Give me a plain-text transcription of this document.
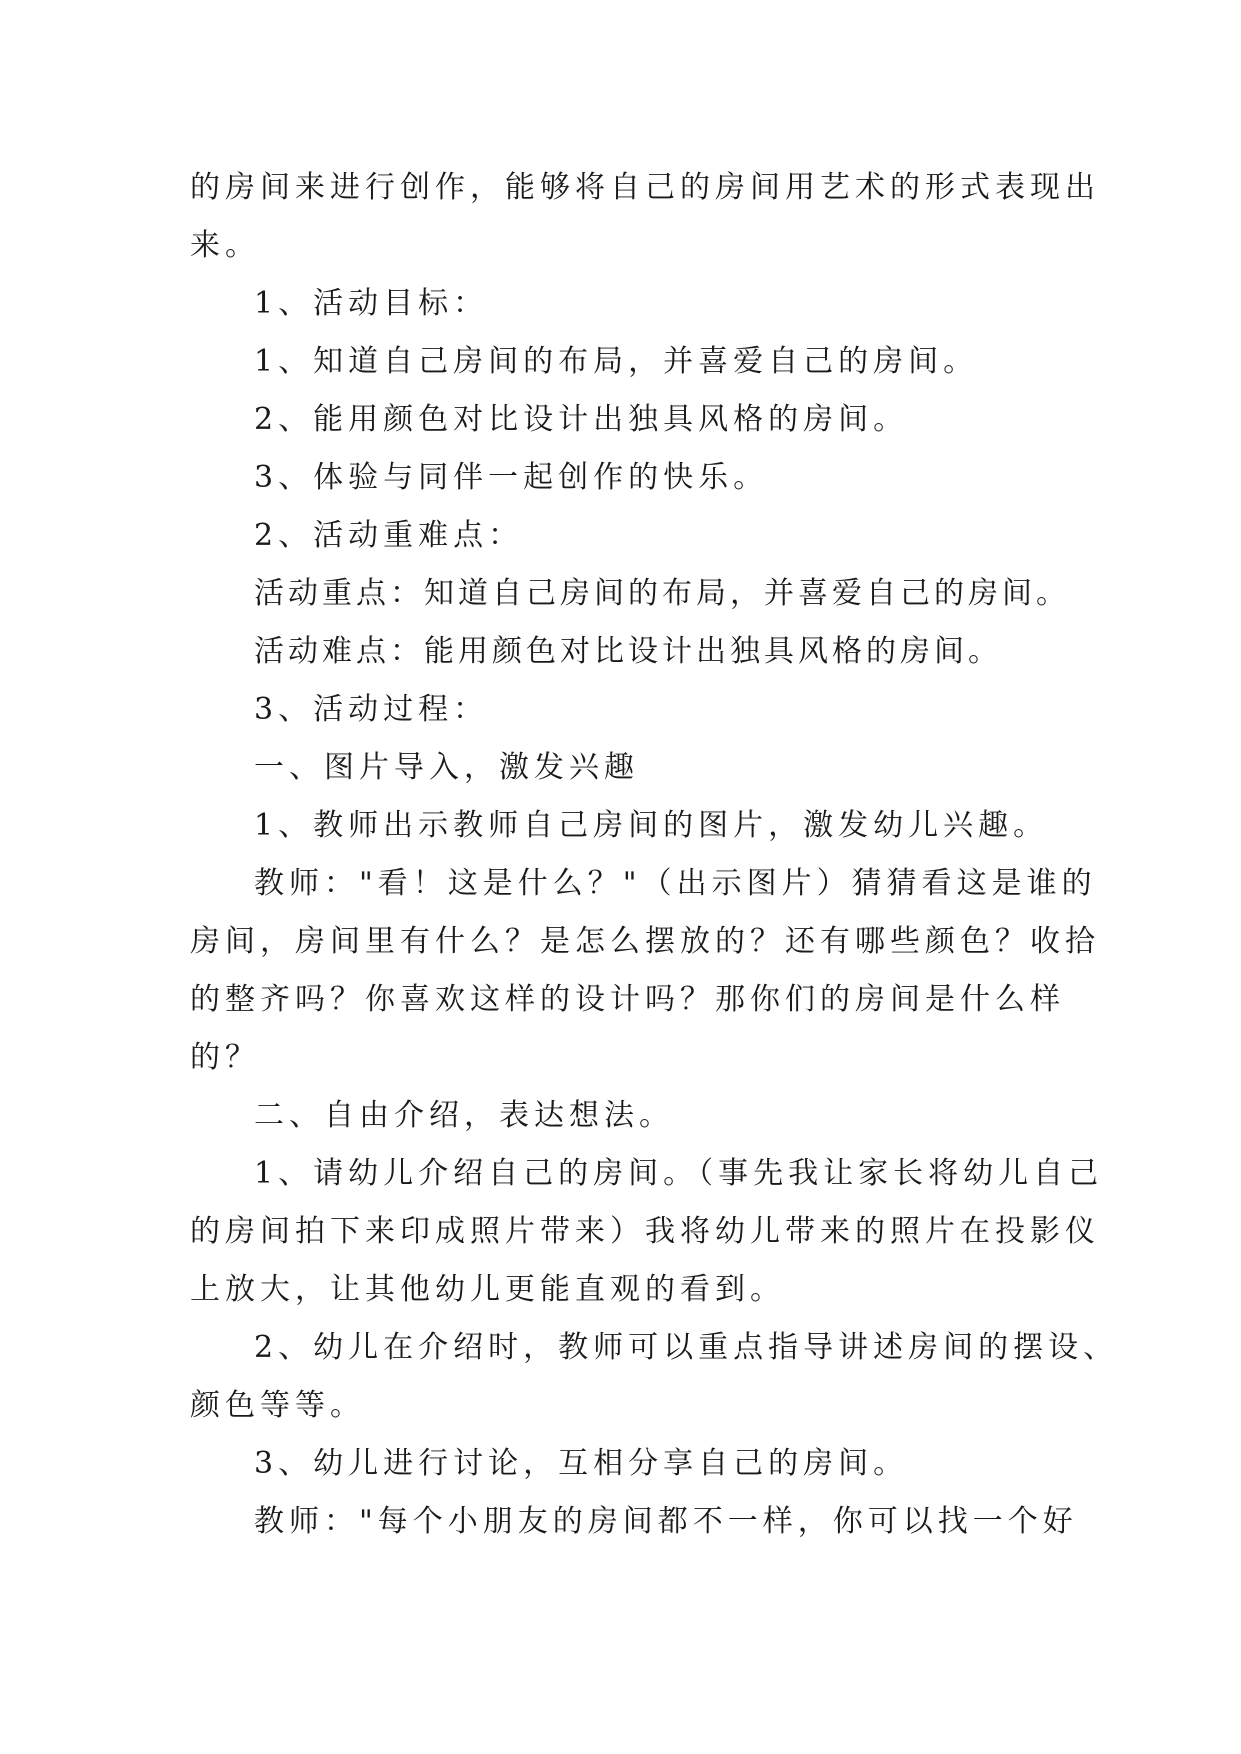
的房间来进行创作，能够将自己的房间用艺术的形式表现出
来。
1、活动目标：
1、知道自己房间的布局，并喜爱自己的房间。
2、能用颜色对比设计出独具风格的房间。
3、体验与同伴一起创作的快乐。
2、活动重难点：
活动重点：知道自己房间的布局，并喜爱自己的房间。
活动难点：能用颜色对比设计出独具风格的房间。
3、活动过程：
一、图片导入，激发兴趣
1、教师出示教师自己房间的图片，激发幼儿兴趣。
教师："看！这是什么？"（出示图片）猜猜看这是谁的
房间，房间里有什么？是怎么摆放的？还有哪些颜色？收拾
的整齐吗？你喜欢这样的设计吗？那你们的房间是什么样
的？
二、自由介绍，表达想法。
1、请幼儿介绍自己的房间。（事先我让家长将幼儿自己
的房间拍下来印成照片带来）我将幼儿带来的照片在投影仪
上放大，让其他幼儿更能直观的看到。
2、幼儿在介绍时，教师可以重点指导讲述房间的摆设、
颜色等等。
3、幼儿进行讨论，互相分享自己的房间。
教师："每个小朋友的房间都不一样，你可以找一个好
